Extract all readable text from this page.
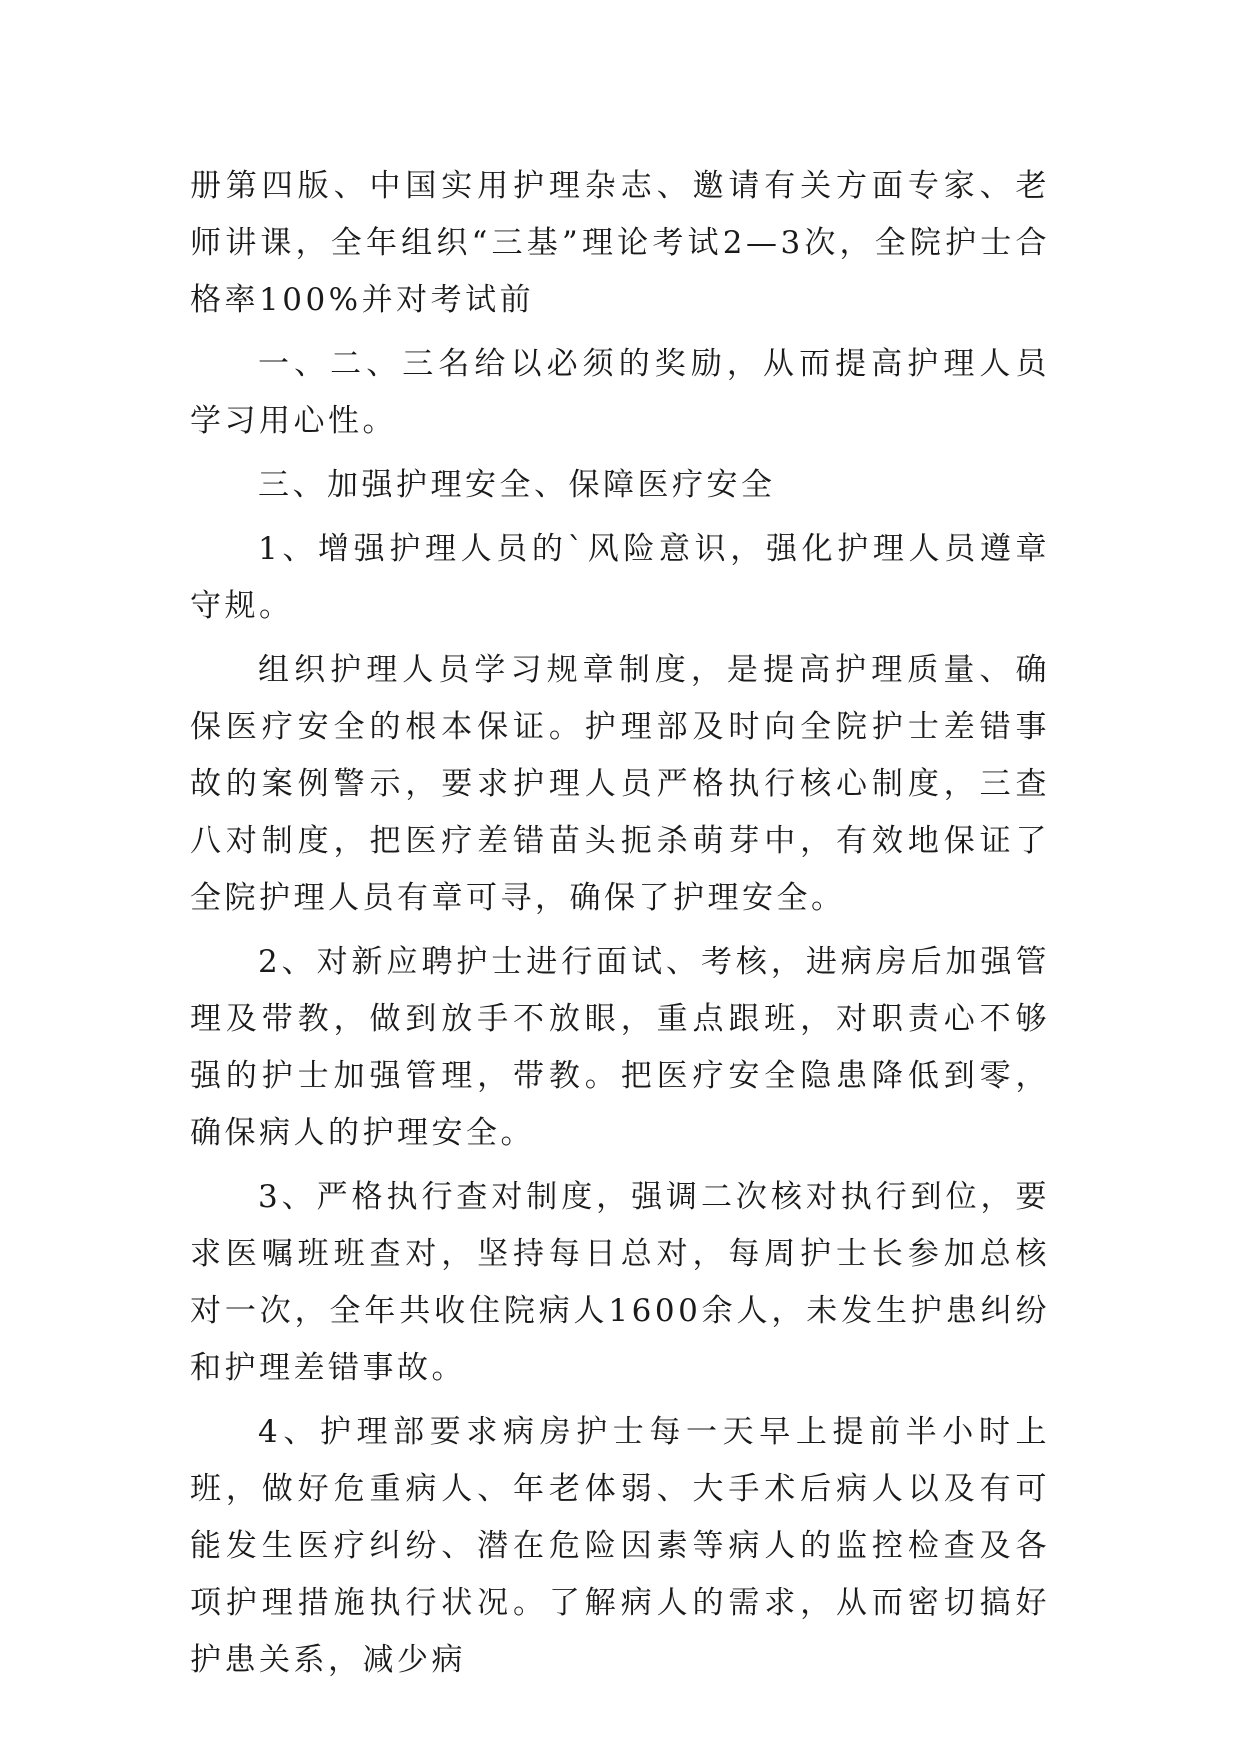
册第四版、中国实用护理杂志、邀请有关方面专家、老师讲课，全年组织“三基”理论考试2—3次，全院护士合格率100%并对考试前

一、二、三名给以必须的奖励，从而提高护理人员学习用心性。

三、加强护理安全、保障医疗安全

1、增强护理人员的`风险意识，强化护理人员遵章守规。

组织护理人员学习规章制度，是提高护理质量、确保医疗安全的根本保证。护理部及时向全院护士差错事故的案例警示，要求护理人员严格执行核心制度，三查八对制度，把医疗差错苗头扼杀萌芽中，有效地保证了全院护理人员有章可寻，确保了护理安全。

2、对新应聘护士进行面试、考核，进病房后加强管理及带教，做到放手不放眼，重点跟班，对职责心不够强的护士加强管理，带教。把医疗安全隐患降低到零，确保病人的护理安全。

3、严格执行查对制度，强调二次核对执行到位，要求医嘱班班查对，坚持每日总对，每周护士长参加总核对一次，全年共收住院病人1600余人，未发生护患纠纷和护理差错事故。

4、护理部要求病房护士每一天早上提前半小时上班，做好危重病人、年老体弱、大手术后病人以及有可能发生医疗纠纷、潜在危险因素等病人的监控检查及各项护理措施执行状况。了解病人的需求，从而密切搞好护患关系，减少病
